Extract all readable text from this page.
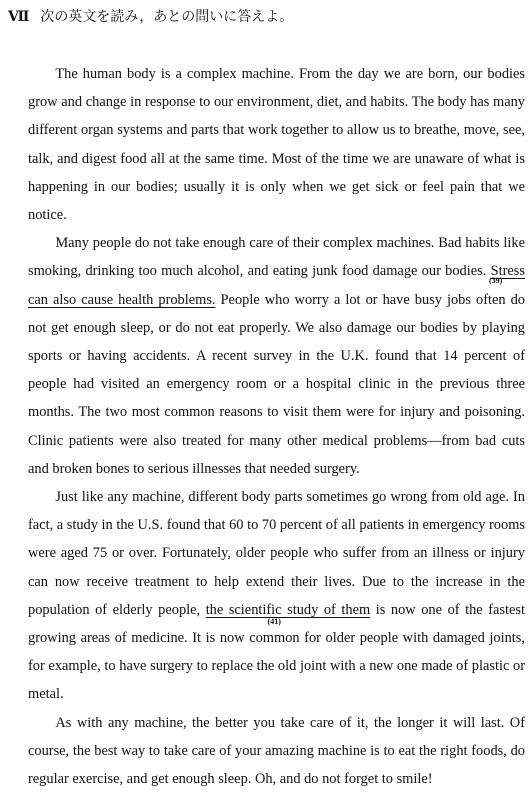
Ⅶ 次の英文を読み，あとの問いに答えよ。

The human body is a complex machine. From the day we are born, our bodies grow and change in response to our environment, diet, and habits. The body has many different organ systems and parts that work together to allow us to breathe, move, see, talk, and digest food all at the same time. Most of the time we are unaware of what is happening in our bodies; usually it is only when we get sick or feel pain that we notice.

Many people do not take enough care of their complex machines. Bad habits like smoking, drinking too much alcohol, and eating junk food damage our bodies.
(39)
Stress can also cause health problems. People who worry a lot or have busy jobs often do not get enough sleep, or do not eat properly. We also damage our bodies by playing sports or having accidents. A recent survey in the U.K. found that 14 percent of people had visited an emergency room or a hospital clinic in the previous three months. The two most common reasons to visit them were for injury and poisoning. Clinic patients were also treated for many other medical problems—from bad cuts and broken bones to serious illnesses that needed surgery.

Just like any machine, different body parts sometimes go wrong from old age. In fact, a study in the U.S. found that 60 to 70 percent of all patients in emergency rooms were aged 75 or over. Fortunately, older people who suffer from an illness or injury can now receive treatment to help extend their lives. Due to the increase in the population of elderly people, the scientific study of them
(41)
is now one of the fastest growing areas of medicine. It is now common for older people with damaged joints, for example, to have surgery to replace the old joint with a new one made of plastic or metal.

As with any machine, the better you take care of it, the longer it will last. Of course, the best way to take care of your amazing machine is to eat the right foods, do regular exercise, and get enough sleep. Oh, and do not forget to smile!
